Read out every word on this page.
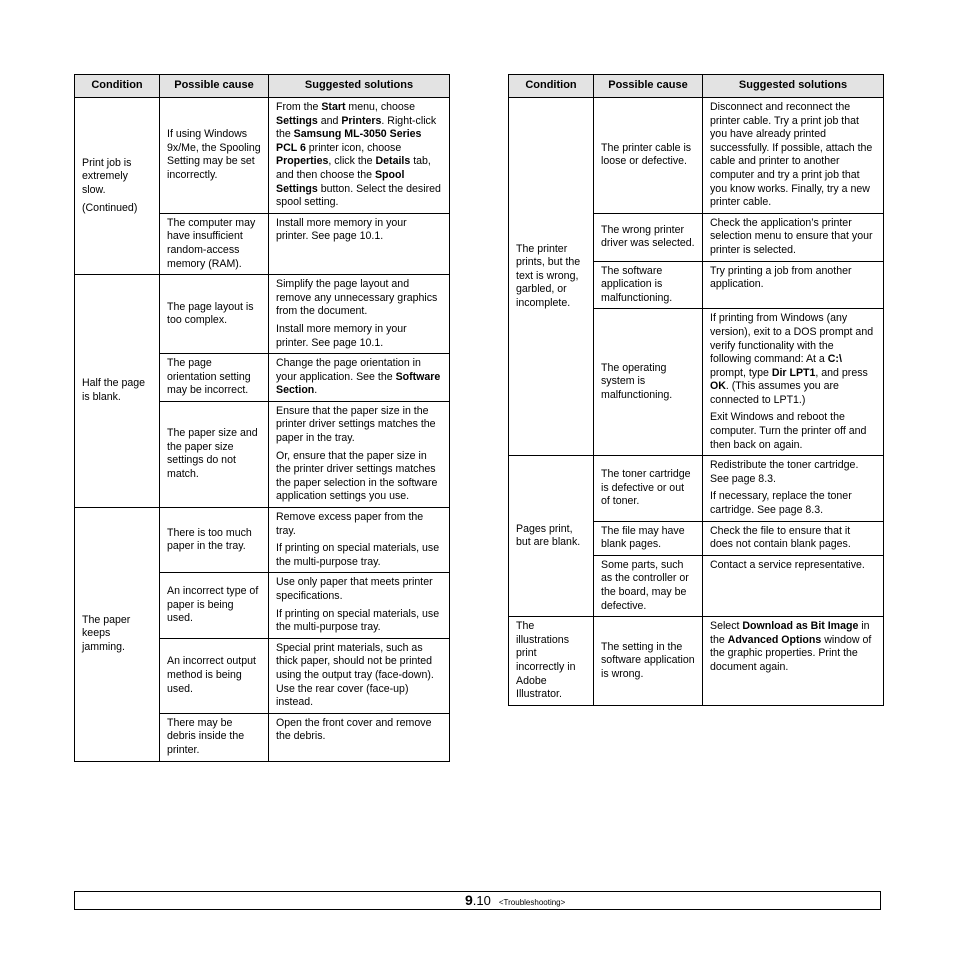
Condition	Possible cause	Suggested solutions

Print job is extremely slow.
(Continued)	If using Windows 9x/Me, the Spooling Setting may be set incorrectly.	From the Start menu, choose Settings and Printers. Right-click the Samsung ML-3050 Series PCL 6 printer icon, choose Properties, click the Details tab, and then choose the Spool Settings button. Select the desired spool setting.

	The computer may have insufficient random-access memory (RAM).	Install more memory in your printer. See page 10.1.

Half the page is blank.	The page layout is too complex.	Simplify the page layout and remove any unnecessary graphics from the document.

Install more memory in your printer. See page 10.1.

	The page orientation setting may be incorrect.	Change the page orientation in your application. See the Software Section.

	The paper size and the paper size settings do not match.	Ensure that the paper size in the printer driver settings matches the paper in the tray.

Or, ensure that the paper size in the printer driver settings matches the paper selection in the software application settings you use.

The paper keeps jamming.	There is too much paper in the tray.	Remove excess paper from the tray.

If printing on special materials, use the multi-purpose tray.

	An incorrect type of paper is being used.	Use only paper that meets printer specifications.

If printing on special materials, use the multi-purpose tray.

	An incorrect output method is being used.	Special print materials, such as thick paper, should not be printed using the output tray (face-down). Use the rear cover (face-up) instead.

	There may be debris inside the printer.	Open the front cover and remove the debris.

Condition	Possible cause	Suggested solutions

The printer prints, but the text is wrong, garbled, or incomplete.	The printer cable is loose or defective.	Disconnect and reconnect the printer cable. Try a print job that you have already printed successfully. If possible, attach the cable and printer to another computer and try a print job that you know works. Finally, try a new printer cable.

	The wrong printer driver was selected.	Check the application’s printer selection menu to ensure that your printer is selected.

	The software application is malfunctioning.	Try printing a job from another application.

	The operating system is malfunctioning.	If printing from Windows (any version), exit to a DOS prompt and verify functionality with the following command: At a C:\ prompt, type Dir LPT1, and press OK. (This assumes you are connected to LPT1.)

Exit Windows and reboot the computer. Turn the printer off and then back on again.

Pages print, but are blank.	The toner cartridge is defective or out of toner.	Redistribute the toner cartridge. See page 8.3.

If necessary, replace the toner cartridge. See page 8.3.

	The file may have blank pages.	Check the file to ensure that it does not contain blank pages.

	Some parts, such as the controller or the board, may be defective.	Contact a service representative.

The illustrations print incorrectly in Adobe Illustrator.	The setting in the software application is wrong.	Select Download as Bit Image in the Advanced Options window of the graphic properties. Print the document again.

9.10 <Troubleshooting>
